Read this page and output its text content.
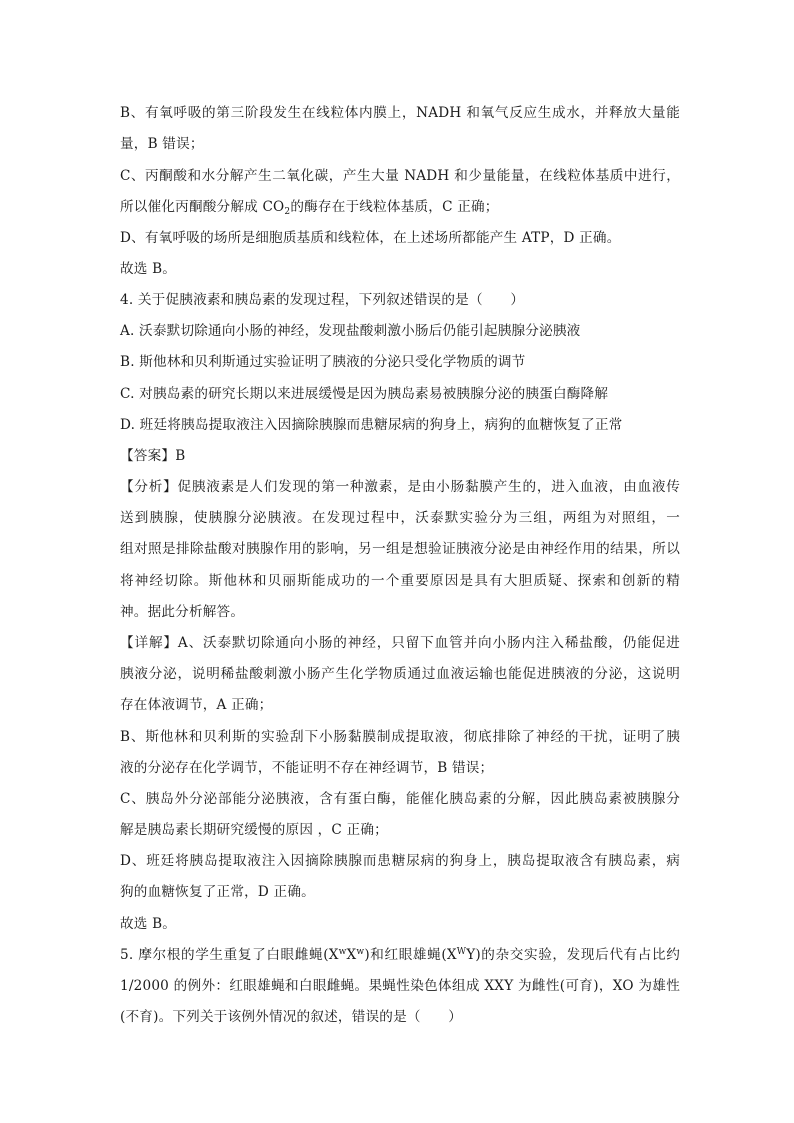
B、有氧呼吸的第三阶段发生在线粒体内膜上，NADH 和氧气反应生成水，并释放大量能
量，B 错误；
C、丙酮酸和水分解产生二氧化碳，产生大量 NADH 和少量能量，在线粒体基质中进行，
所以催化丙酮酸分解成 $CO_2$的酶存在于线粒体基质，C 正确；
D、有氧呼吸的场所是细胞质基质和线粒体，在上述场所都能产生 ATP，D 正确。
故选 B。
4. 关于促胰液素和胰岛素的发现过程，下列叙述错误的是（　　）
A. 沃泰默切除通向小肠的神经，发现盐酸刺激小肠后仍能引起胰腺分泌胰液
B. 斯他林和贝利斯通过实验证明了胰液的分泌只受化学物质的调节
C. 对胰岛素的研究长期以来进展缓慢是因为胰岛素易被胰腺分泌的胰蛋白酶降解
D. 班廷将胰岛提取液注入因摘除胰腺而患糖尿病的狗身上，病狗的血糖恢复了正常
【答案】B
【分析】促胰液素是人们发现的第一种激素，是由小肠黏膜产生的，进入血液，由血液传
送到胰腺，使胰腺分泌胰液。在发现过程中，沃泰默实验分为三组，两组为对照组，一
组对照是排除盐酸对胰腺作用的影响，另一组是想验证胰液分泌是由神经作用的结果，所以
将神经切除。斯他林和贝丽斯能成功的一个重要原因是具有大胆质疑、探索和创新的精
神。据此分析解答。
【详解】A、沃泰默切除通向小肠的神经，只留下血管并向小肠内注入稀盐酸，仍能促进
胰液分泌，说明稀盐酸刺激小肠产生化学物质通过血液运输也能促进胰液的分泌，这说明
存在体液调节，A 正确；
B、斯他林和贝利斯的实验刮下小肠黏膜制成提取液，彻底排除了神经的干扰，证明了胰
液的分泌存在化学调节，不能证明不存在神经调节，B 错误；
C、胰岛外分泌部能分泌胰液，含有蛋白酶，能催化胰岛素的分解，因此胰岛素被胰腺分
解是胰岛素长期研究缓慢的原因 ，C 正确；
D、班廷将胰岛提取液注入因摘除胰腺而患糖尿病的狗身上，胰岛提取液含有胰岛素，病
狗的血糖恢复了正常，D 正确。
故选 B。
5. 摩尔根的学生重复了白眼雌蝇$(X^wX^w)$和红眼雄蝇$(X^WY)$的杂交实验，发现后代有占比约
1/2000 的例外：红眼雄蝇和白眼雌蝇。果蝇性染色体组成 XXY 为雌性(可育)，XO 为雄性
(不育)。下列关于该例外情况的叙述，错误的是（　　）
